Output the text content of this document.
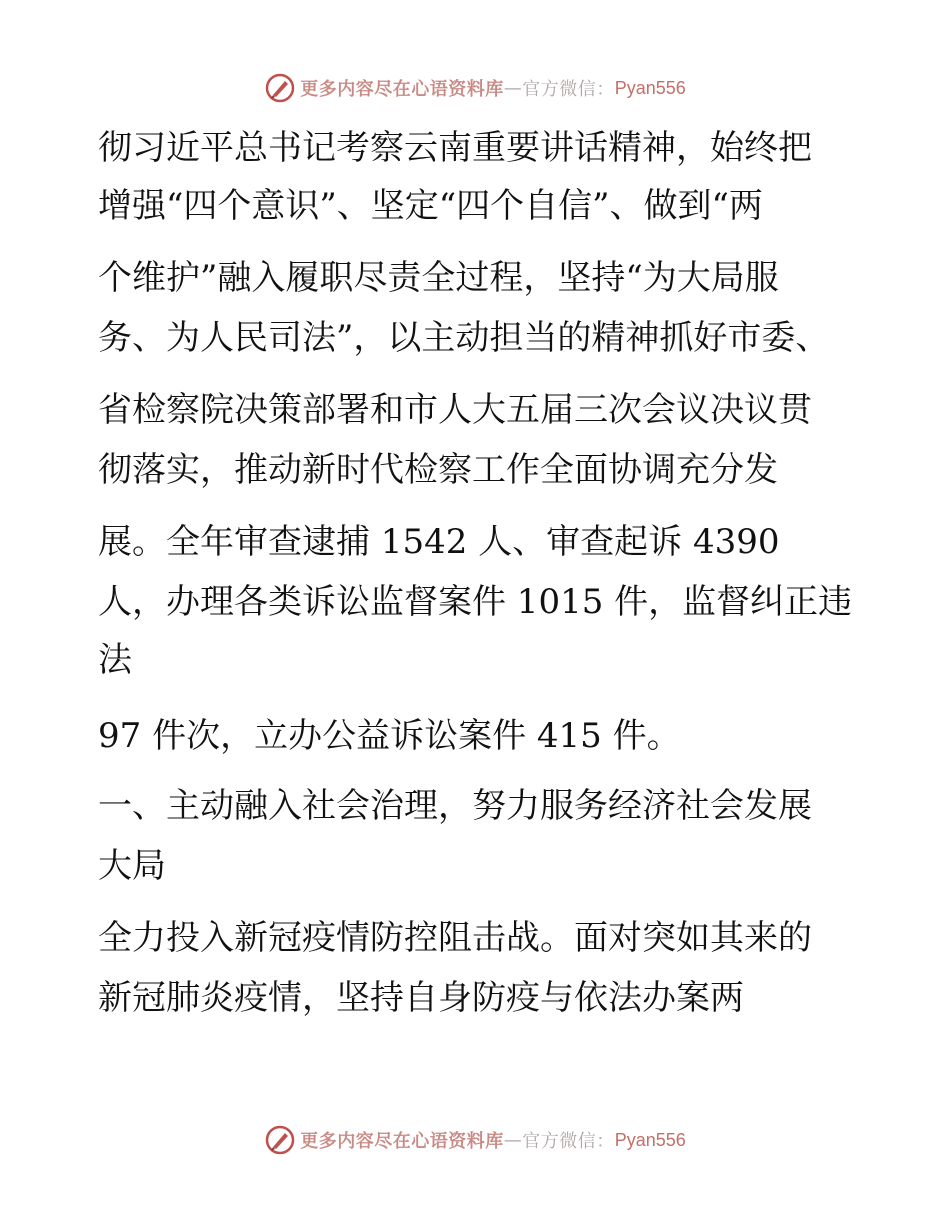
更多内容尽在心语资料库 — 官方微信： Pyan556
彻习近平总书记考察云南重要讲话精神，始终把
增强“四个意识”、坚定“四个自信”、做到“两
个维护”融入履职尽责全过程，坚持“为大局服
务、为人民司法”，以主动担当的精神抓好市委、
省检察院决策部署和市人大五届三次会议决议贯
彻落实，推动新时代检察工作全面协调充分发
展。全年审查逮捕 1542 人、审查起诉 4390
人，办理各类诉讼监督案件 1015 件，监督纠正违
法
97 件次，立办公益诉讼案件 415 件。
一、主动融入社会治理，努力服务经济社会发展
大局
全力投入新冠疫情防控阻击战。面对突如其来的
新冠肺炎疫情，坚持自身防疫与依法办案两
更多内容尽在心语资料库 — 官方微信： Pyan556
